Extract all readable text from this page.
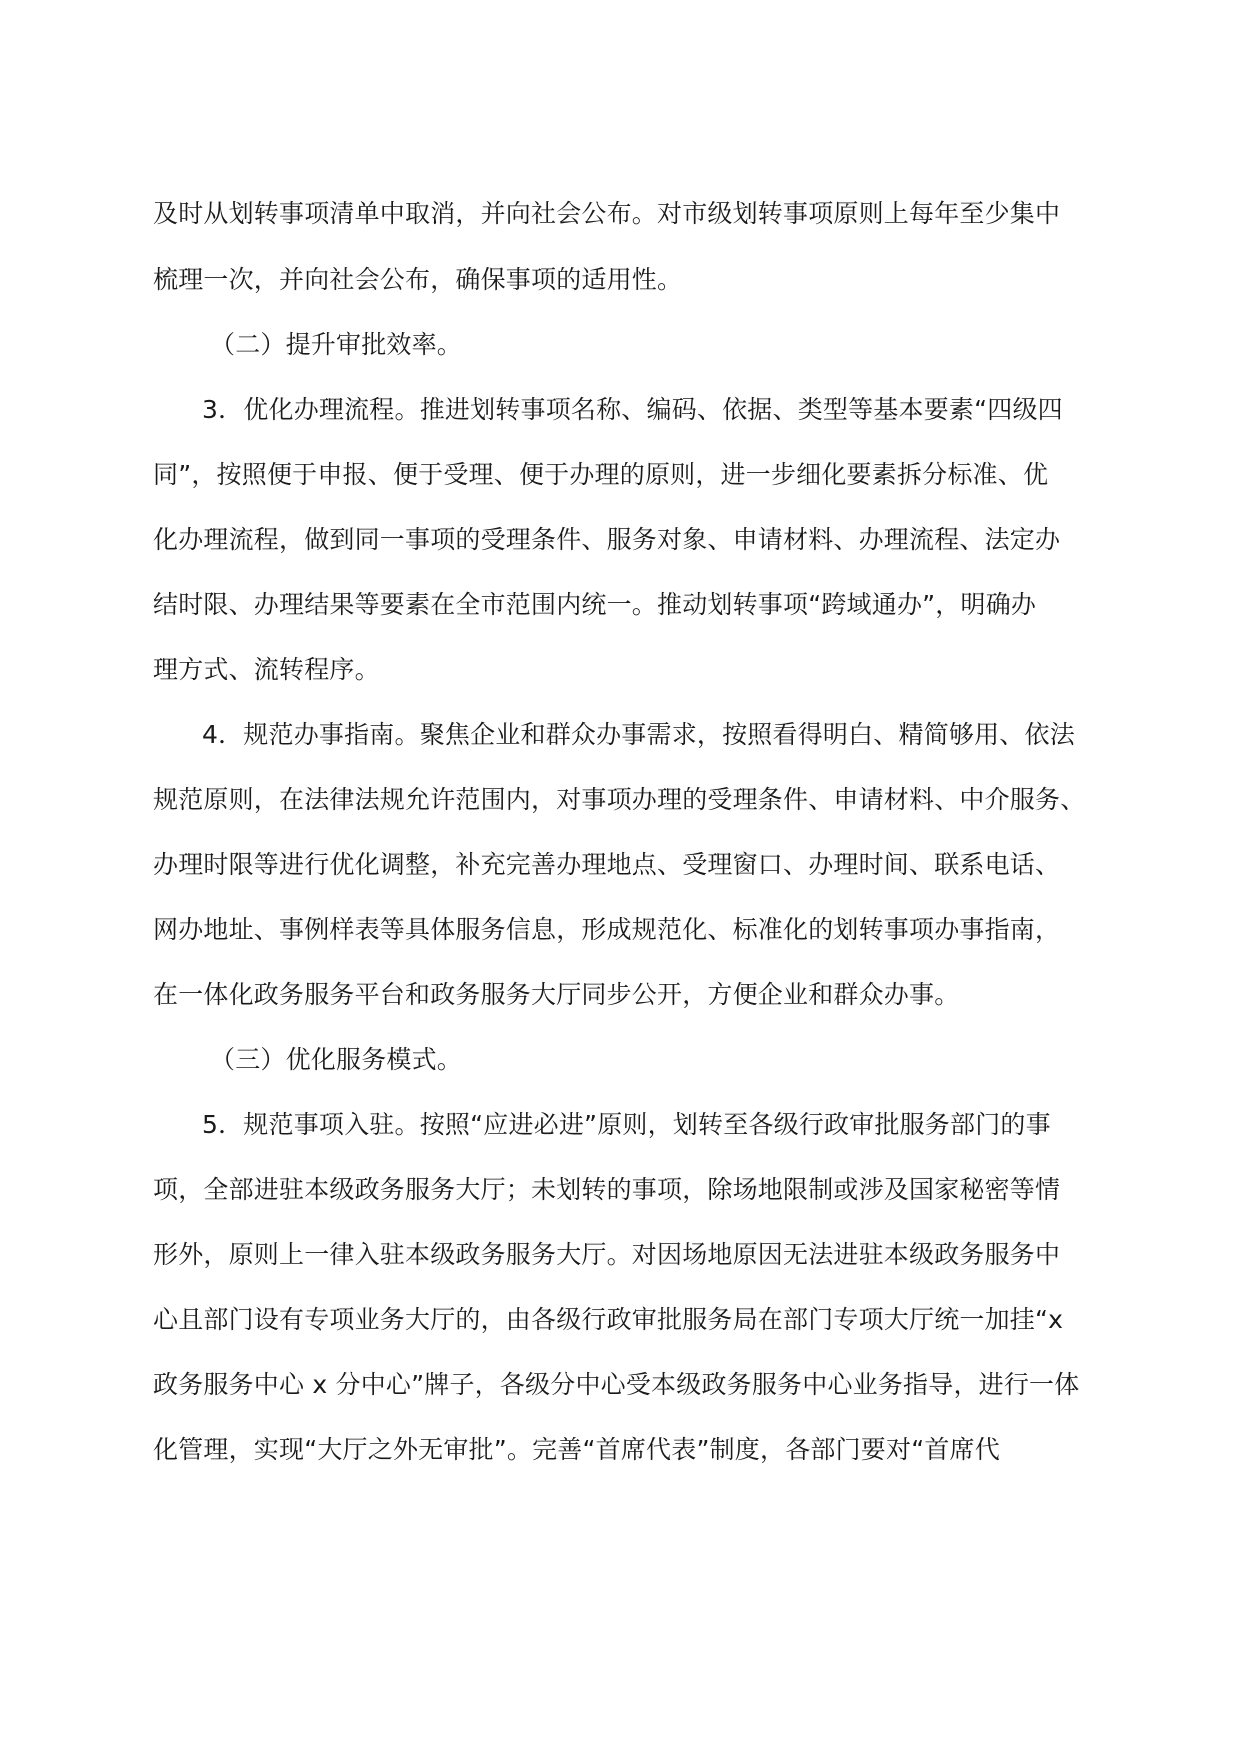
及时从划转事项清单中取消，并向社会公布。对市级划转事项原则上每年至少集中
梳理一次，并向社会公布，确保事项的适用性。
（二）提升审批效率。
3．优化办理流程。推进划转事项名称、编码、依据、类型等基本要素“四级四
同”，按照便于申报、便于受理、便于办理的原则，进一步细化要素拆分标准、优
化办理流程，做到同一事项的受理条件、服务对象、申请材料、办理流程、法定办
结时限、办理结果等要素在全市范围内统一。推动划转事项“跨域通办”，明确办
理方式、流转程序。
4．规范办事指南。聚焦企业和群众办事需求，按照看得明白、精简够用、依法
规范原则，在法律法规允许范围内，对事项办理的受理条件、申请材料、中介服务、
办理时限等进行优化调整，补充完善办理地点、受理窗口、办理时间、联系电话、
网办地址、事例样表等具体服务信息，形成规范化、标准化的划转事项办事指南，
在一体化政务服务平台和政务服务大厅同步公开，方便企业和群众办事。
（三）优化服务模式。
5．规范事项入驻。按照“应进必进”原则，划转至各级行政审批服务部门的事
项，全部进驻本级政务服务大厅；未划转的事项，除场地限制或涉及国家秘密等情
形外，原则上一律入驻本级政务服务大厅。对因场地原因无法进驻本级政务服务中
心且部门设有专项业务大厅的，由各级行政审批服务局在部门专项大厅统一加挂“x
政务服务中心 x 分中心”牌子，各级分中心受本级政务服务中心业务指导，进行一体
化管理，实现“大厅之外无审批”。完善“首席代表”制度，各部门要对“首席代
